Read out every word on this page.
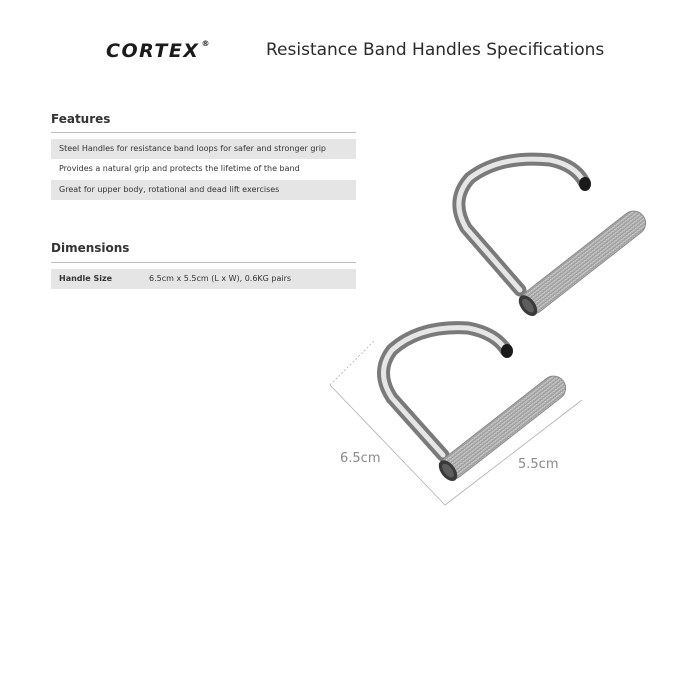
CORTEX ®	Resistance Band Handles Specifications
Features
Steel Handles for resistance band loops for safer and stronger grip
Provides a natural grip and protects the lifetime of the band
Great for upper body, rotational and dead lift exercises
Dimensions
Handle Size	6.5cm x 5.5cm (L x W), 0.6KG pairs
6.5cm	5.5cm
